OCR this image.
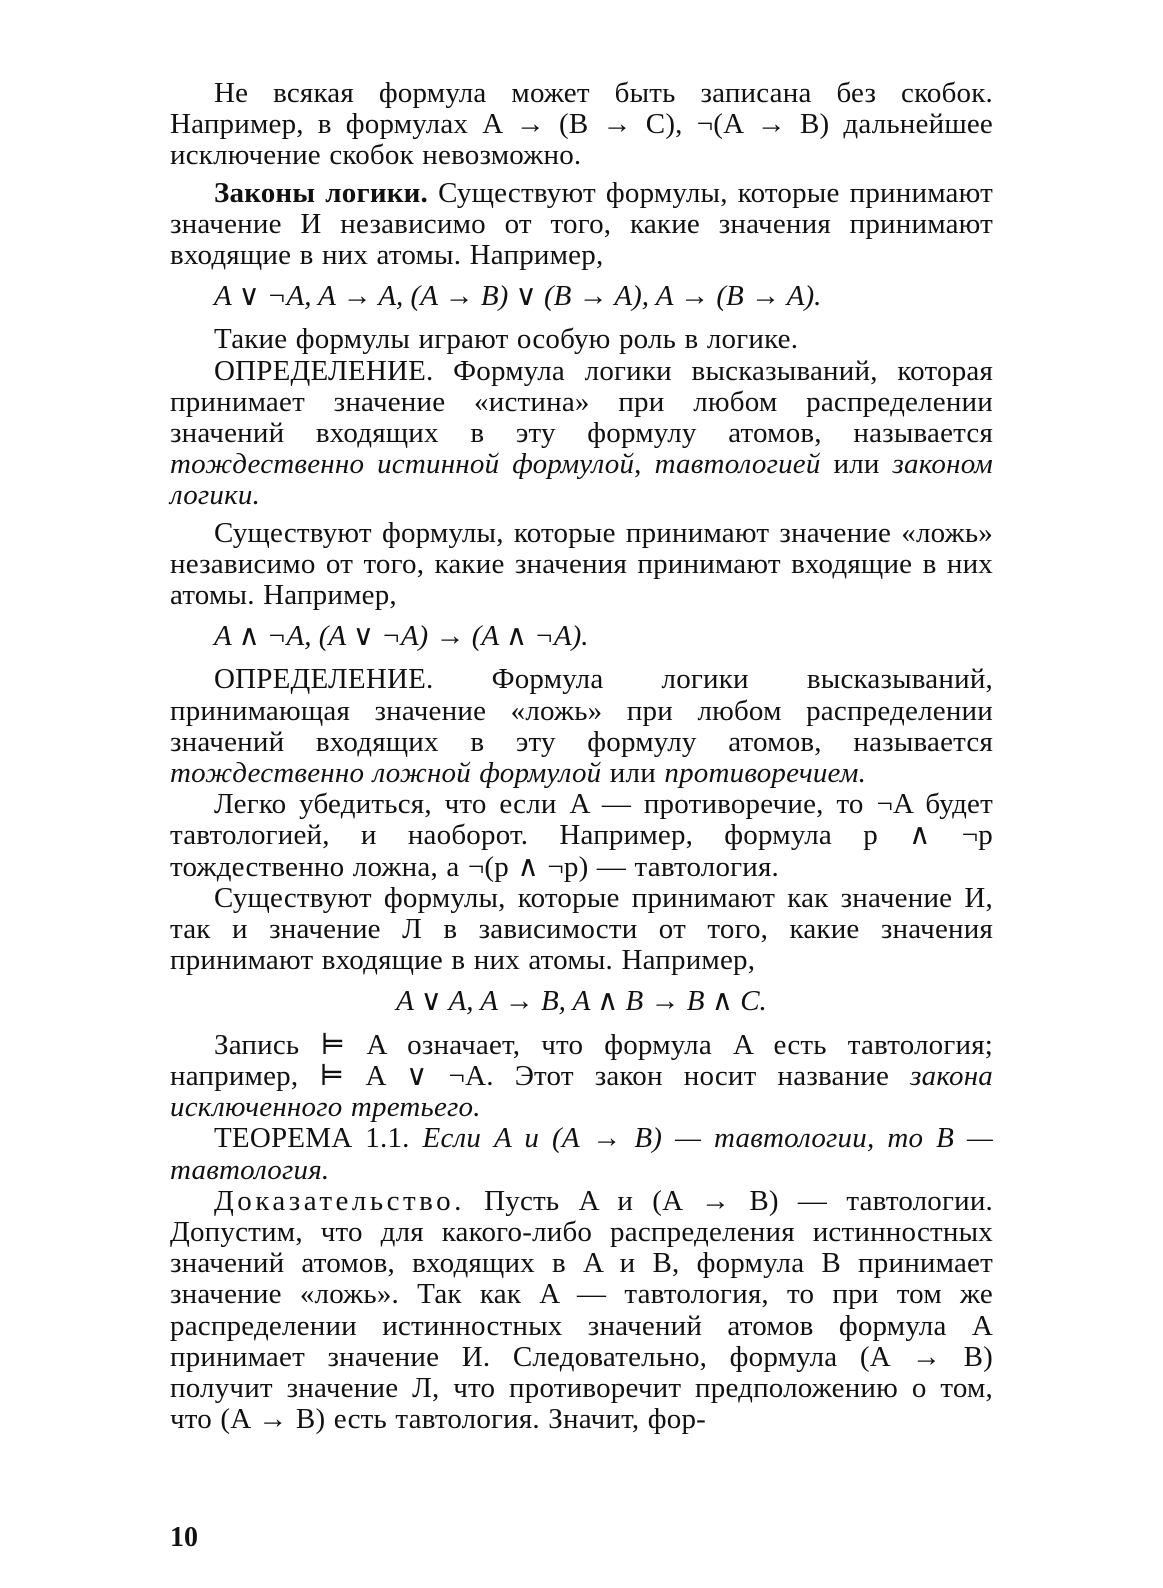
Не всякая формула может быть записана без скобок. Например, в формулах A → (B → C), ¬(A → B) дальнейшее исключение скобок невозможно.

Законы логики. Существуют формулы, которые принимают значение И независимо от того, какие значения принимают входящие в них атомы. Например,

A ∨ ¬A, A → A, (A → B) ∨ (B → A), A → (B → A).

Такие формулы играют особую роль в логике.

ОПРЕДЕЛЕНИЕ. Формула логики высказываний, которая принимает значение «истина» при любом распределении значений входящих в эту формулу атомов, называется тождественно истинной формулой, тавтологией или законом логики.

Существуют формулы, которые принимают значение «ложь» независимо от того, какие значения принимают входящие в них атомы. Например,

A ∧ ¬A, (A ∨ ¬A) → (A ∧ ¬A).

ОПРЕДЕЛЕНИЕ. Формула логики высказываний, принимающая значение «ложь» при любом распределении значений входящих в эту формулу атомов, называется тождественно ложной формулой или противоречием.

Легко убедиться, что если A — противоречие, то ¬A будет тавтологией, и наоборот. Например, формула p ∧ ¬p тождественно ложна, а ¬(p ∧ ¬p) — тавтология.

Существуют формулы, которые принимают как значение И, так и значение Л в зависимости от того, какие значения принимают входящие в них атомы. Например,

A ∨ A, A → B, A ∧ B → B ∧ C.

Запись ⊨ A означает, что формула A есть тавтология; например, ⊨ A ∨ ¬A. Этот закон носит название закона исключенного третьего.

ТЕОРЕМА 1.1. Если A и (A → B) — тавтологии, то B — тавтология.

Доказательство. Пусть A и (A → B) — тавтологии. Допустим, что для какого-либо распределения истинностных значений атомов, входящих в A и B, формула B принимает значение «ложь». Так как A — тавтология, то при том же распределении истинностных значений атомов формула A принимает значение И. Следовательно, формула (A → B) получит значение Л, что противоречит предположению о том, что (A → B) есть тавтология. Значит, фор-

10
